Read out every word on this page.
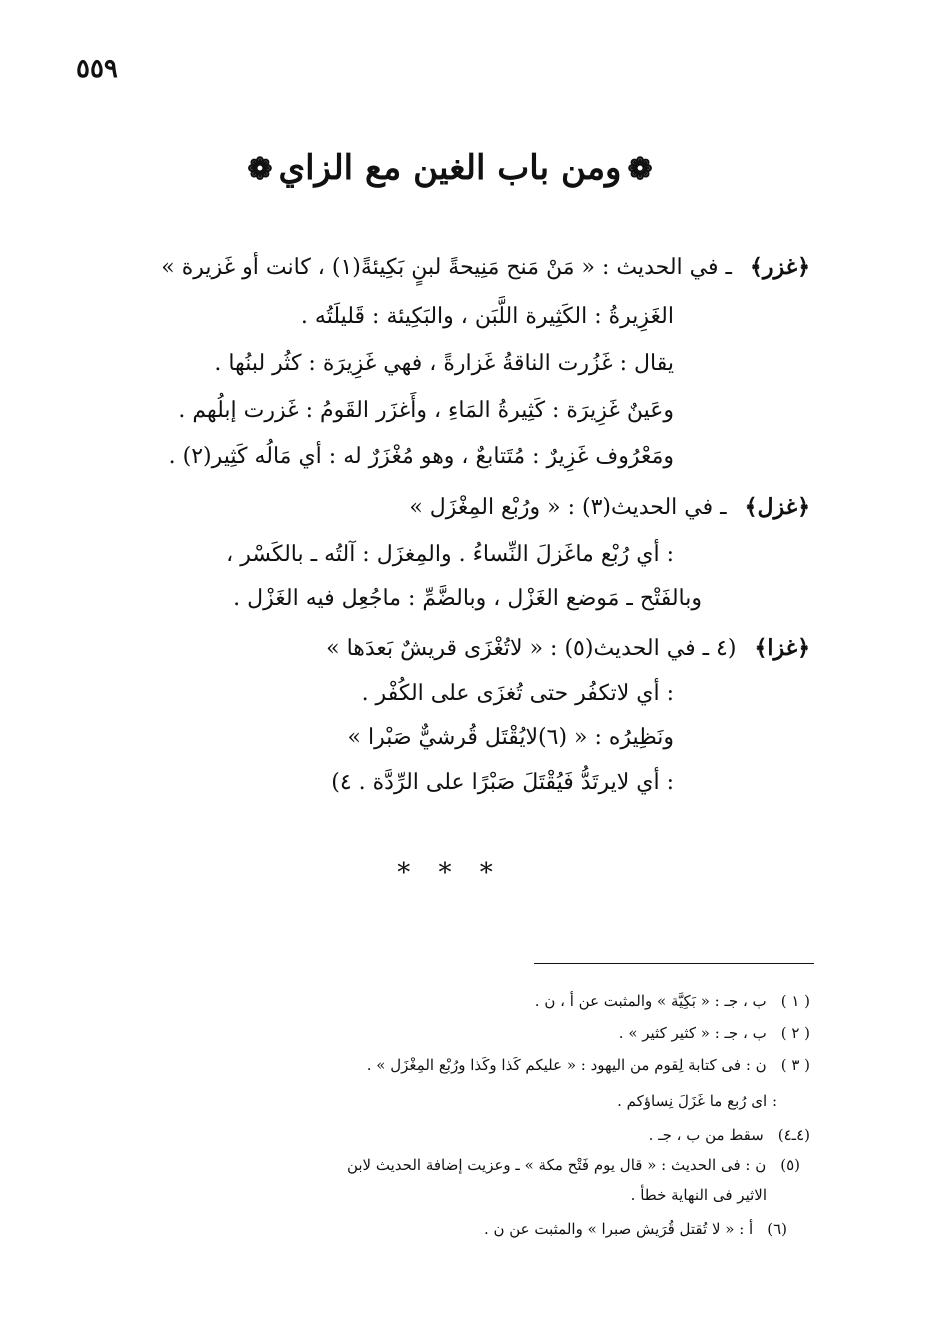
٥٥٩
❁ومن باب الغين مع الزاي❁
﴿غزر﴾ـ في الحديث : « مَنْ مَنح مَنِيحةً لبنٍ بَكِيئةً(١) ، كانت أو غَزيرة »
الغَزِيرةُ : الكَثِيرة اللَّبَن ، والبَكِيئة : قَليلَتُه .
يقال : غَزُرت الناقةُ غَزارةً ، فهي غَزِيرَة : كثُر لبنُها .
وعَينٌ غَزِيرَة : كَثِيرةُ المَاءِ ، وأَغزَر القَومُ : غَزرت إبلُهم .
ومَعْرُوف غَزِيرٌ : مُتَتابعٌ ، وهو مُغْزَرٌ له : أي مَالُه كَثِير(٢) .
﴿غزل﴾ـ في الحديث(٣) : « ورُبْع المِغْزَل »
: أي رُبْع ماغَزلَ النِّساءُ . والمِغزَل : آلتُه ـ بالكَسْر ،
وبالفَتْح ـ مَوضع الغَزْل ، وبالضَّمِّ : ماجُعِل فيه الغَزْل .
﴿غزا﴾(٤ ـ في الحديث(٥) : « لاتُغْزَى قريشٌ بَعدَها »
: أي لاتكفُر حتى تُغزَى على الكُفْر .
ونَظِيرُه : « (٦)لايُقْتَل قُرشيٌّ صَبْرا »
: أي لايرتَدُّ فَيُقْتَلَ صَبْرًا على الرِّدَّة . ٤)
* * *
( ١ )ب ، جـ : « بَكِيَّة » والمثبت عن أ ، ن .
( ٢ )ب ، جـ : « كثير كثير » .
( ٣ )ن : فى كتابة لِقوم من اليهود : « عليكم كَذا وكَذا ورُبْع المِغْزَل » .
: اى رُبع ما غَزَلَ نِساؤكم .
(٤ـ٤)سقط من ب ، جـ .
(٥)ن : فى الحديث : « قال يوم فَتْح مكة » ـ وعزيت إضافة الحديث لابن
الاثير فى النهاية خطأ .
(٦)أ : « لا تُقتل قُرَيش صبرا » والمثبت عن ن .
